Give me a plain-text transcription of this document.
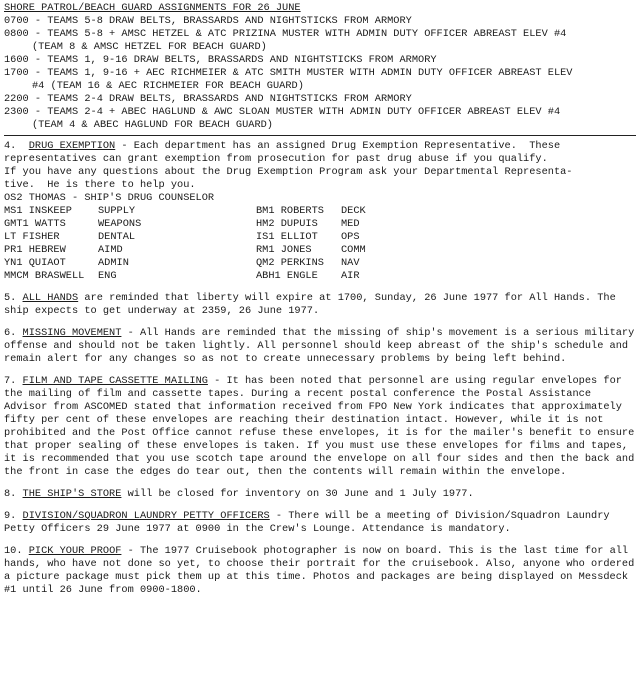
SHORE PATROL/BEACH GUARD ASSIGNMENTS FOR 26 JUNE
0700 - TEAMS 5-8 DRAW BELTS, BRASSARDS AND NIGHTSTICKS FROM ARMORY
0800 - TEAMS 5-8 + AMSC HETZEL & ATC PRIZINA MUSTER WITH ADMIN DUTY OFFICER ABREAST ELEV #4
(TEAM 8 & AMSC HETZEL FOR BEACH GUARD)
1600 - TEAMS 1, 9-16 DRAW BELTS, BRASSARDS AND NIGHTSTICKS FROM ARMORY
1700 - TEAMS 1, 9-16 + AEC RICHMEIER & ATC SMITH MUSTER WITH ADMIN DUTY OFFICER ABREAST ELEV
#4 (TEAM 16 & AEC RICHMEIER FOR BEACH GUARD)
2200 - TEAMS 2-4 DRAW BELTS, BRASSARDS AND NIGHTSTICKS FROM ARMORY
2300 - TEAMS 2-4 + ABEC HAGLUND & AWC SLOAN MUSTER WITH ADMIN DUTY OFFICER ABREAST ELEV #4
(TEAM 4 & ABEC HAGLUND FOR BEACH GUARD)
4. DRUG EXEMPTION - Each department has an assigned Drug Exemption Representative.  These
representatives can grant exemption from prosecution for past drug abuse if you qualify.
If you have any questions about the Drug Exemption Program ask your Departmental Representa-
tive.  He is there to help you.
OS2 THOMAS - SHIP'S DRUG COUNSELOR
MS1 INSKEEP	SUPPLY	BM1 ROBERTS	DECK
GMT1 WATTS	WEAPONS	HM2 DUPUIS	MED
LT FISHER	DENTAL	IS1 ELLIOT	OPS
PR1 HEBREW	AIMD	RM1 JONES	COMM
YN1 QUIAOT	ADMIN	QM2 PERKINS	NAV
MMCM BRASWELL	ENG	ABH1 ENGLE	AIR
5. ALL HANDS are reminded that liberty will expire at 1700, Sunday, 26 June 1977 for All Hands. The ship expects to get underway at 2359, 26 June 1977.
6. MISSING MOVEMENT - All Hands are reminded that the missing of ship's movement is a serious military offense and should not be taken lightly. All personnel should keep abreast of the ship's schedule and remain alert for any changes so as not to create unnecessary problems by being left behind.
7. FILM AND TAPE CASSETTE MAILING - It has been noted that personnel are using regular envelopes for the mailing of film and cassette tapes. During a recent postal conference the Postal Assistance Advisor from ASCOMED stated that information received from FPO New York indicates that approximately fifty per cent of these envelopes are reaching their destination intact. However, while it is not prohibited and the Post Office cannot refuse these envelopes, it is for the mailer's benefit to ensure that proper sealing of these envelopes is taken. If you must use these envelopes for films and tapes, it is recommended that you use scotch tape around the envelope on all four sides and then the back and the front in case the edges do tear out, then the contents will remain within the envelope.
8. THE SHIP'S STORE will be closed for inventory on 30 June and 1 July 1977.
9. DIVISION/SQUADRON LAUNDRY PETTY OFFICERS - There will be a meeting of Division/Squadron Laundry Petty Officers 29 June 1977 at 0900 in the Crew's Lounge. Attendance is mandatory.
10. PICK YOUR PROOF - The 1977 Cruisebook photographer is now on board. This is the last time for all hands, who have not done so yet, to choose their portrait for the cruisebook. Also, anyone who ordered a picture package must pick them up at this time. Photos and packages are being displayed on Messdeck #1 until 26 June from 0900-1800.
